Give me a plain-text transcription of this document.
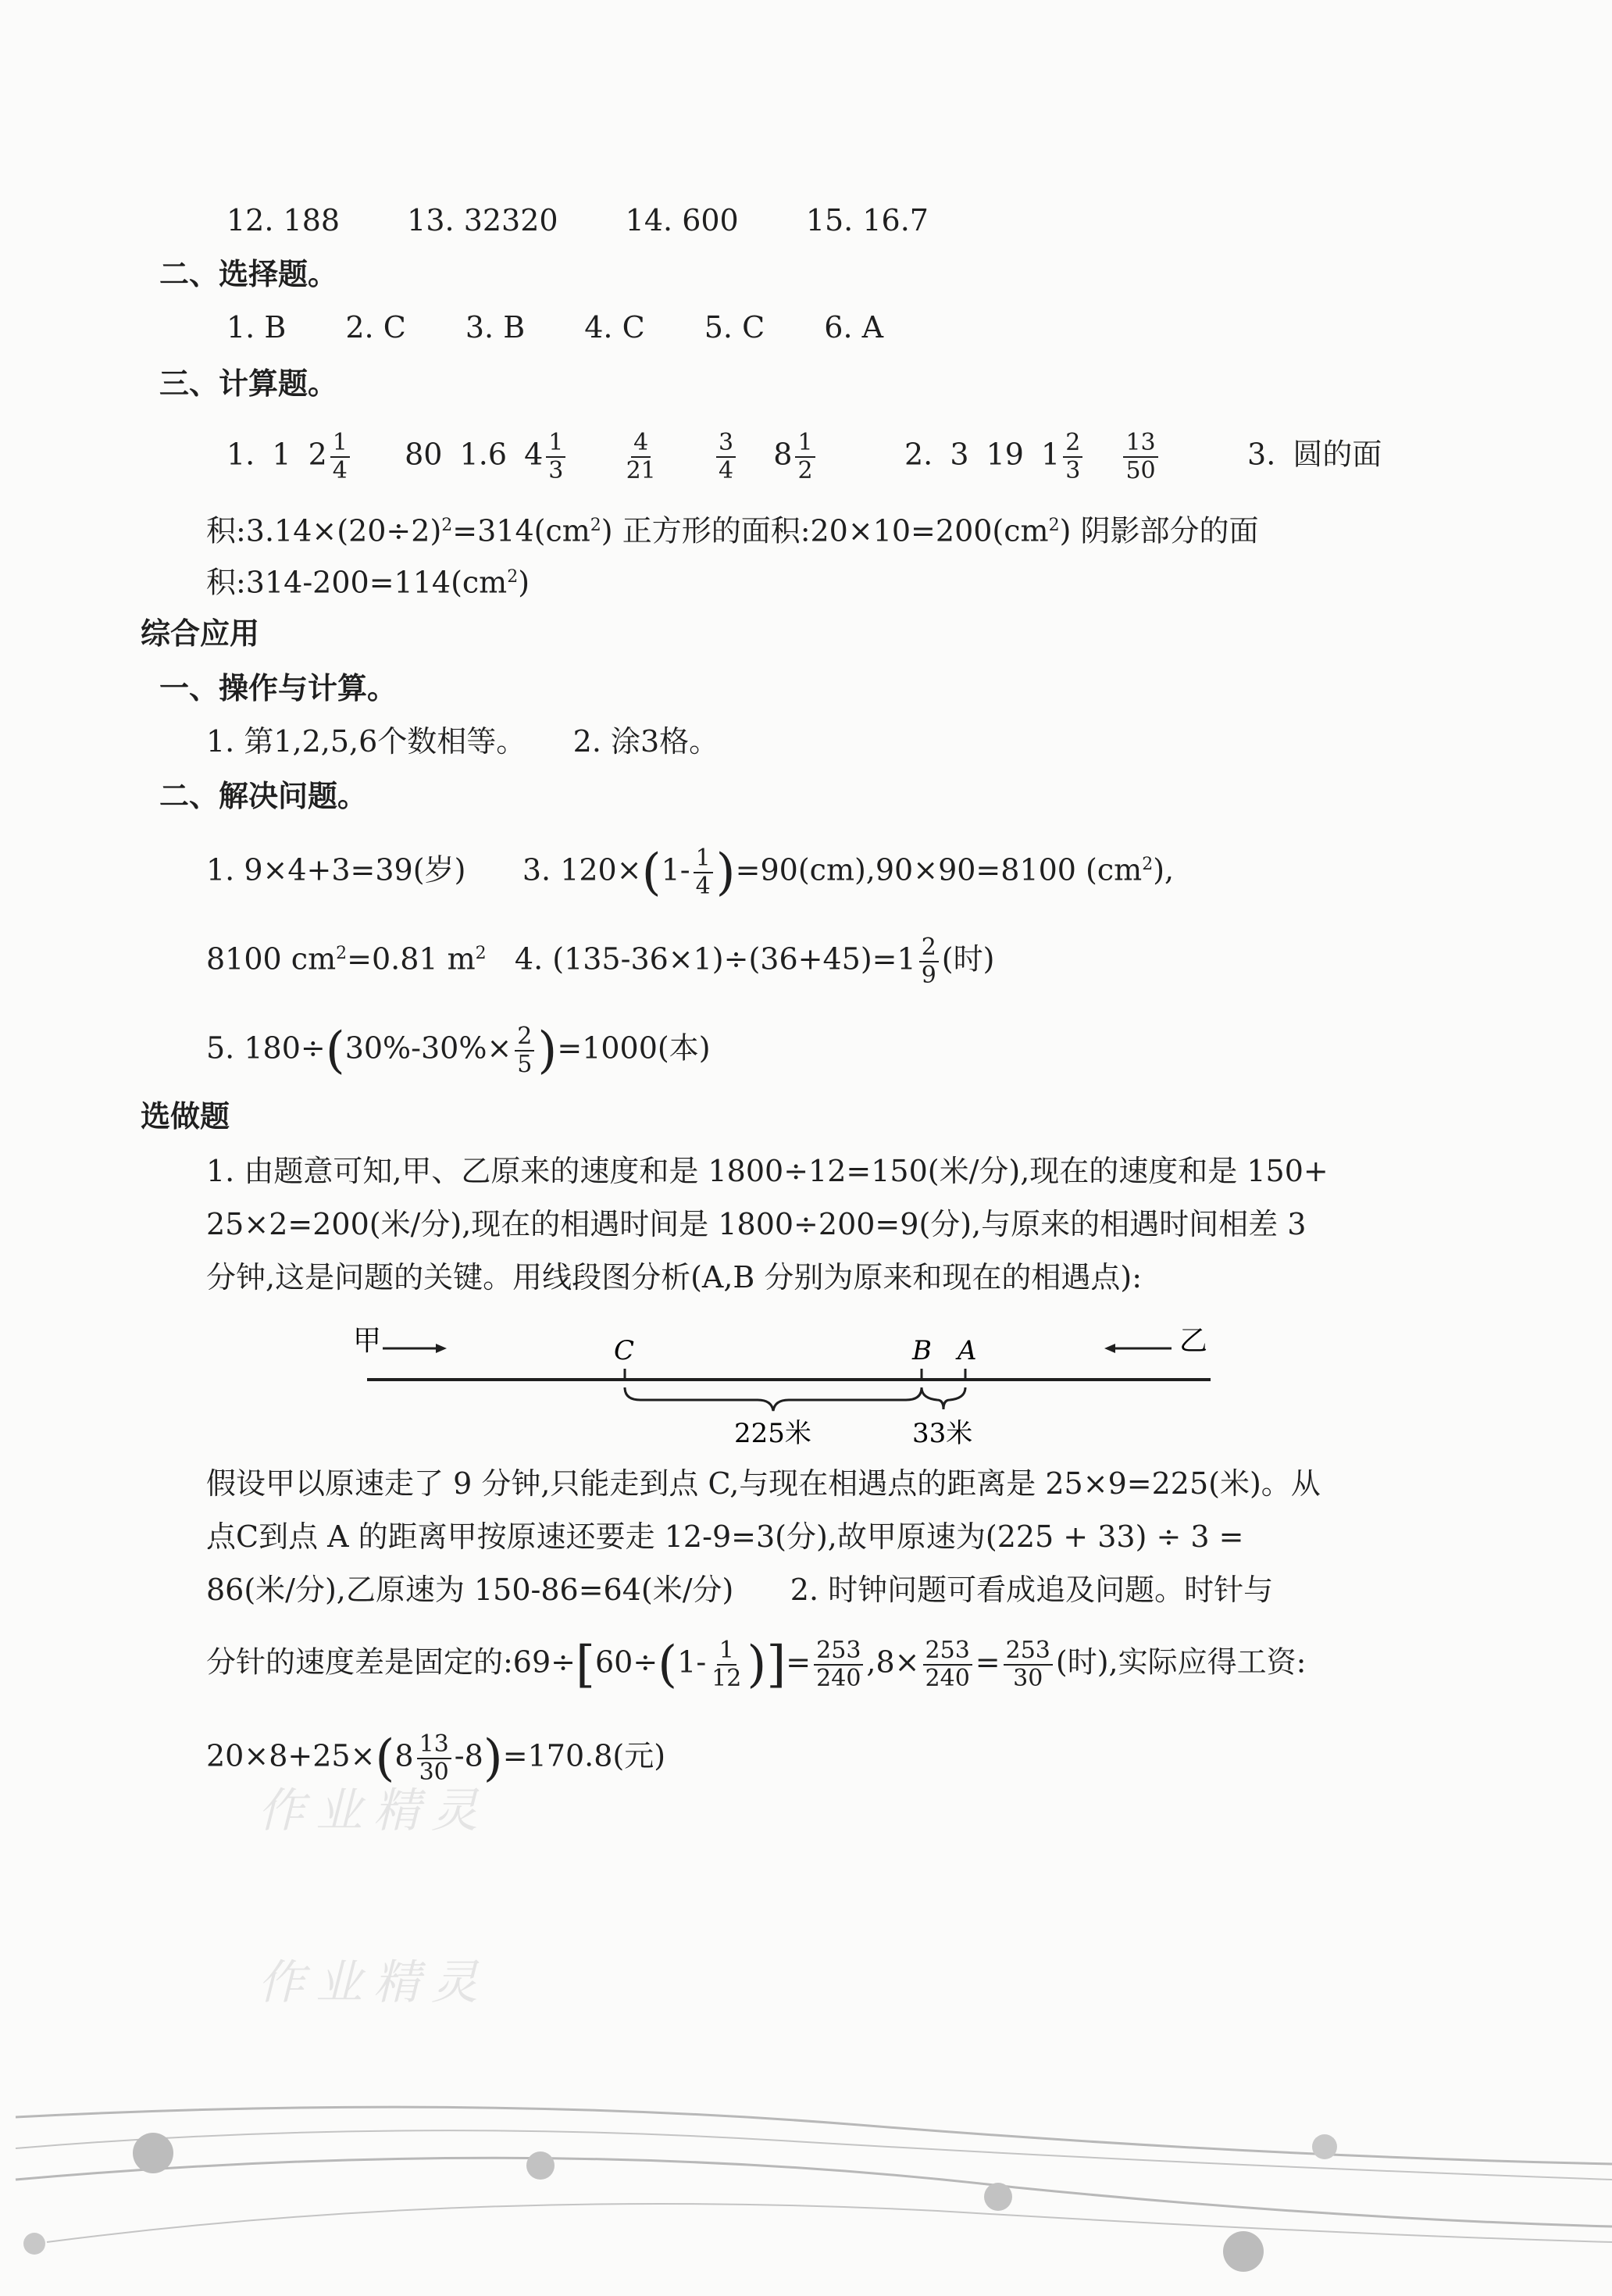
12. 188 13. 32320 14. 600 15. 16.7
二、选择题。
1. B 2. C 3. B 4. C 5. C 6. A
三、计算题。
1. 1 $2 \frac{1}{4} 80$ 1.6 $4 \frac{1}{3}$
$\frac{4}{21}$
$\frac{3}{4} 8 \frac{1}{2}$	2. 3 19 $1 \frac{2}{3}$
$\frac{13}{50}$	3. 圆的面
积$:3.14\times(20\div 2)^2=314(cm^2)$ 正方形的面积$:20\times 10=200(cm^2)$ 阴影部分的面
积$:314-200=114(cm^2)$
综合应用
一、操作与计算。
1. 第1,2,5,6个数相等。     2. 涂3格。
二、解决问题。
1. 9×4+3=39(岁)      3. $120\times(1- \frac{1}{4} )=90(cm),90\times 90=8100$ $(cm^2)$,
8100 $cm^2=0.81$ $m^2$   4. $(135-36\times 1)\div(36+45)=1 \frac{2}{9}$ (时)
5. $180\div(30\%-30\%\times \frac{2}{5} )=1000$(本)
选做题
1. 由题意可知,甲、乙原来的速度和是 1800÷12=150(米/分),现在的速度和是 150+
25×2=200(米/分),现在的相遇时间是 1800÷200=9(分),与原来的相遇时间相差 3
分钟,这是问题的关键。用线段图分析(A,B 分别为原来和现在的相遇点):
甲	C	B A
225米	33米
乙
假设甲以原速走了 9 分钟,只能走到点 C,与现在相遇点的距离是 25×9=225(米)。从
点C到点 A 的距离甲按原速还要走 12-9=3(分),故甲原速为(225 + 33) ÷ 3 =
86(米/分),乙原速为 150-86=64(米/分)      2. 时钟问题可看成追及问题。时针与
分针的速度差是固定的:69÷[60÷(1- $\frac{1}{12}$ )]= $\frac{253}{240} ,8\times \frac{253}{240} = \frac{253}{30}$ (时),实际应得工资:
$20\times 8+25\times(8 \frac{13}{30} -8)=170.8$(元)
作业精灵
作业精灵
